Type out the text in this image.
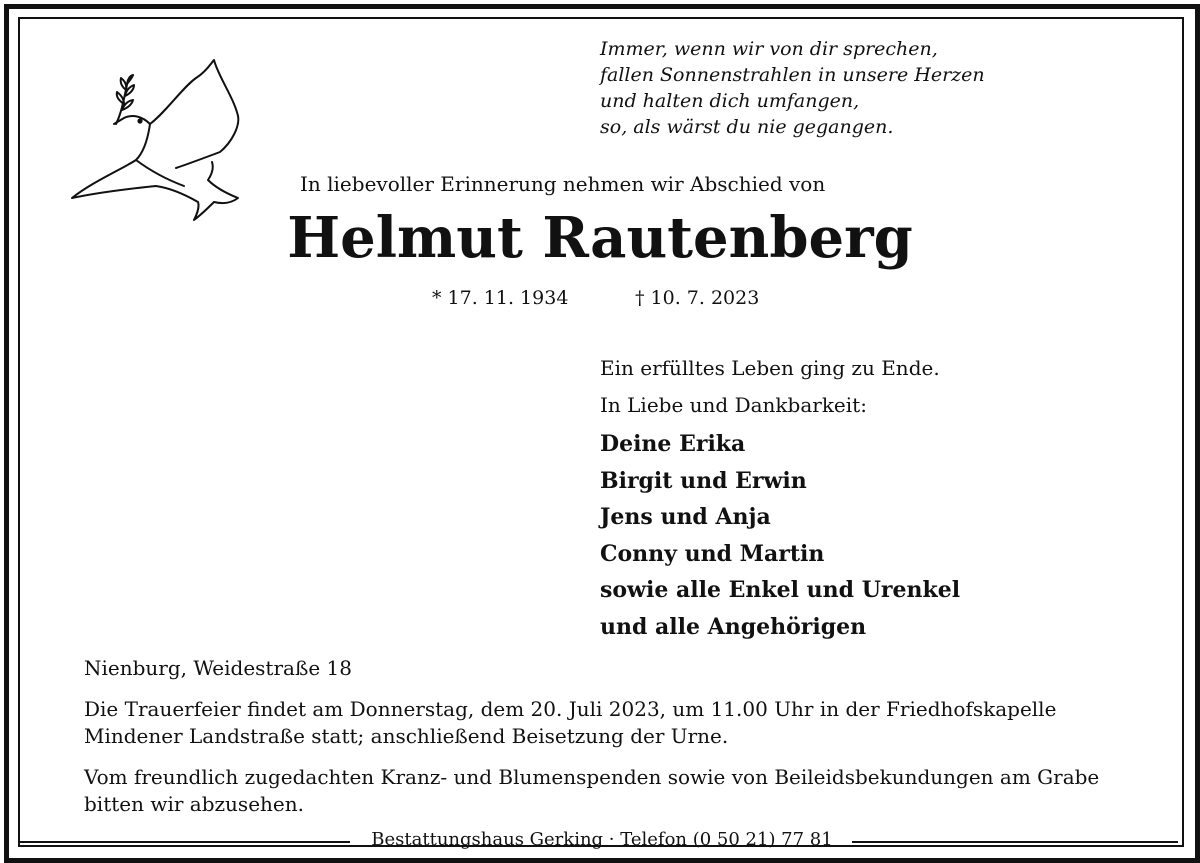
Immer, wenn wir von dir sprechen,
fallen Sonnenstrahlen in unsere Herzen
und halten dich umfangen,
so, als wärst du nie gegangen.
In liebevoller Erinnerung nehmen wir Abschied von
Helmut Rautenberg
* 17. 11. 1934	† 10. 7. 2023
Ein erfülltes Leben ging zu Ende.
In Liebe und Dankbarkeit:
Deine Erika
Birgit und Erwin
Jens und Anja
Conny und Martin
sowie alle Enkel und Urenkel
und alle Angehörigen
Nienburg, Weidestraße 18
Die Trauerfeier findet am Donnerstag, dem 20. Juli 2023, um 11.00 Uhr in der Friedhofskapelle Mindener Landstraße statt; anschließend Beisetzung der Urne.
Vom freundlich zugedachten Kranz- und Blumenspenden sowie von Beileidsbekundungen am Grabe bitten wir abzusehen.
Bestattungshaus Gerking · Telefon (0 50 21) 77 81
